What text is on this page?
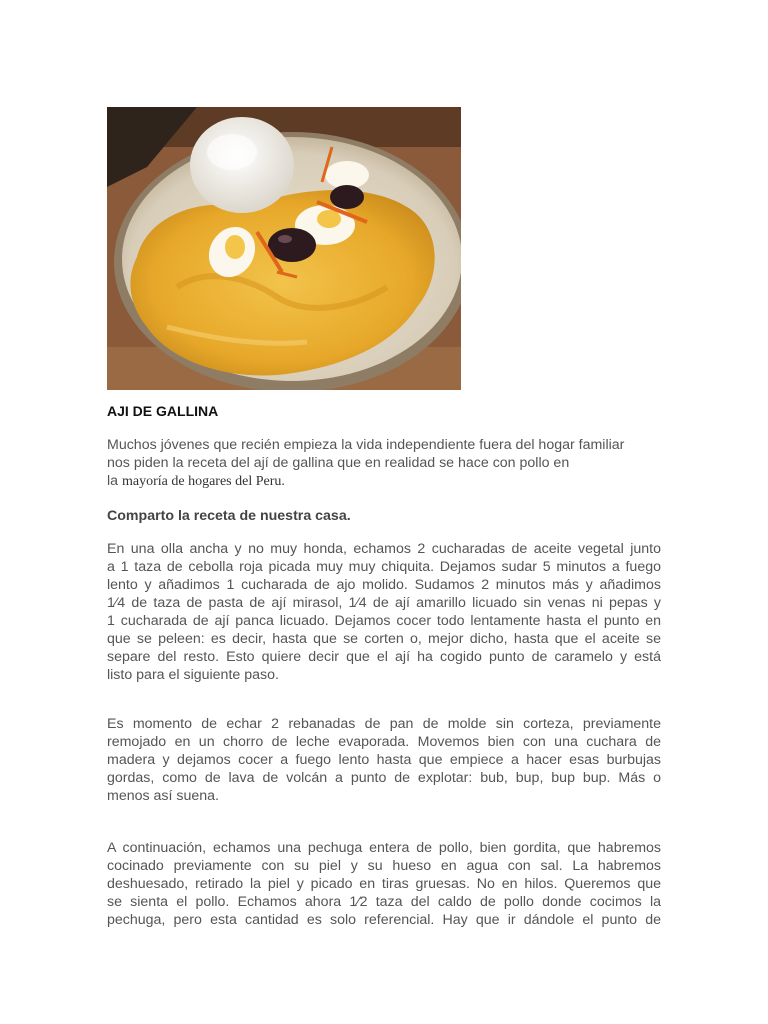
AJI DE GALLINA

Muchos jóvenes que recién empieza la vida independiente fuera del hogar familiar
nos piden la receta del ají de gallina que en realidad se hace con pollo en
la mayoría de hogares del Peru.

Comparto la receta de nuestra casa.

En una olla ancha y no muy honda, echamos 2 cucharadas de aceite vegetal junto
a 1 taza de cebolla roja picada muy muy chiquita. Dejamos sudar 5 minutos a fuego
lento y añadimos 1 cucharada de ajo molido. Sudamos 2 minutos más y añadimos
1⁄4 de taza de pasta de ají mirasol, 1⁄4 de ají amarillo licuado sin venas ni pepas y
1 cucharada de ají panca licuado. Dejamos cocer todo lentamente hasta el punto en
que se peleen: es decir, hasta que se corten o, mejor dicho, hasta que el aceite se
separe del resto. Esto quiere decir que el ají ha cogido punto de caramelo y está
listo para el siguiente paso.

Es momento de echar 2 rebanadas de pan de molde sin corteza, previamente
remojado en un chorro de leche evaporada. Movemos bien con una cuchara de
madera y dejamos cocer a fuego lento hasta que empiece a hacer esas burbujas
gordas, como de lava de volcán a punto de explotar: bub, bup, bup bup. Más o
menos así suena.

A continuación, echamos una pechuga entera de pollo, bien gordita, que habremos
cocinado previamente con su piel y su hueso en agua con sal. La habremos
deshuesado, retirado la piel y picado en tiras gruesas. No en hilos. Queremos que
se sienta el pollo. Echamos ahora 1⁄2 taza del caldo de pollo donde cocimos la
pechuga, pero esta cantidad es solo referencial. Hay que ir dándole el punto de
